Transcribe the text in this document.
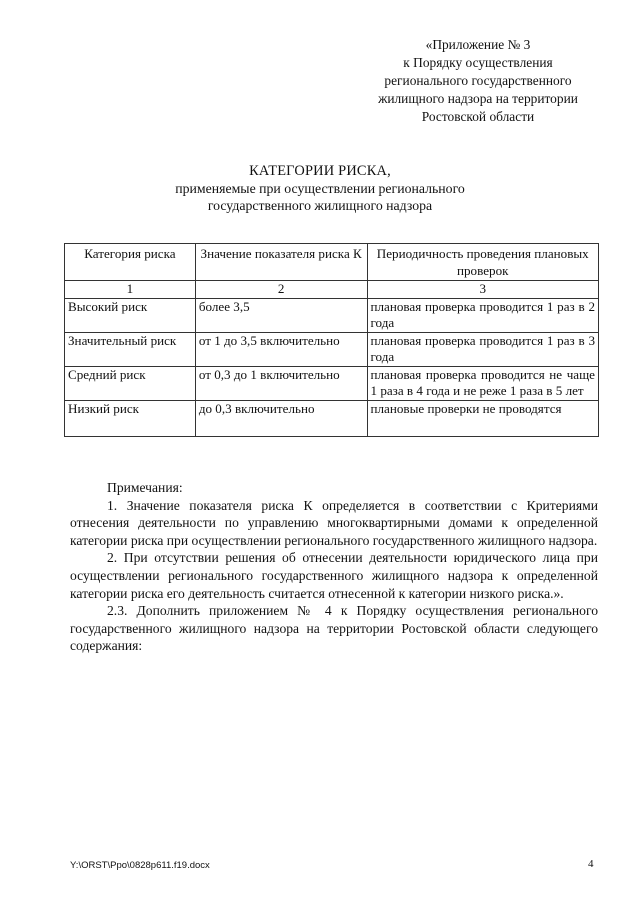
«Приложение № 3
к Порядку осуществления
регионального государственного
жилищного надзора на территории
Ростовской области
КАТЕГОРИИ РИСКА,
применяемые при осуществлении регионального
государственного жилищного надзора
Категория риска	Значение показателя риска К	Периодичность проведения плановых проверок
1	2	3
Высокий риск	более 3,5	плановая проверка проводится 1 раз в 2 года
Значительный риск	от 1 до 3,5 включительно	плановая проверка проводится 1 раз в 3 года
Средний риск	от 0,3 до 1 включительно	плановая проверка проводится не чаще 1 раза в 4 года и не реже 1 раза в 5 лет
Низкий риск	до 0,3 включительно	плановые проверки не проводятся

Примечания:

1. Значение показателя риска К определяется в соответствии с Критериями отнесения деятельности по управлению многоквартирными домами к определенной категории риска при осуществлении регионального государственного жилищного надзора.

2. При отсутствии решения об отнесении деятельности юридического лица при осуществлении регионального государственного жилищного надзора к определенной категории риска его деятельность считается отнесенной к категории низкого риска.».

2.3. Дополнить приложением № 4 к Порядку осуществления регионального государственного жилищного надзора на территории Ростовской области следующего содержания:

Y:\ORST\Ppo\0828p611.f19.docx	4
